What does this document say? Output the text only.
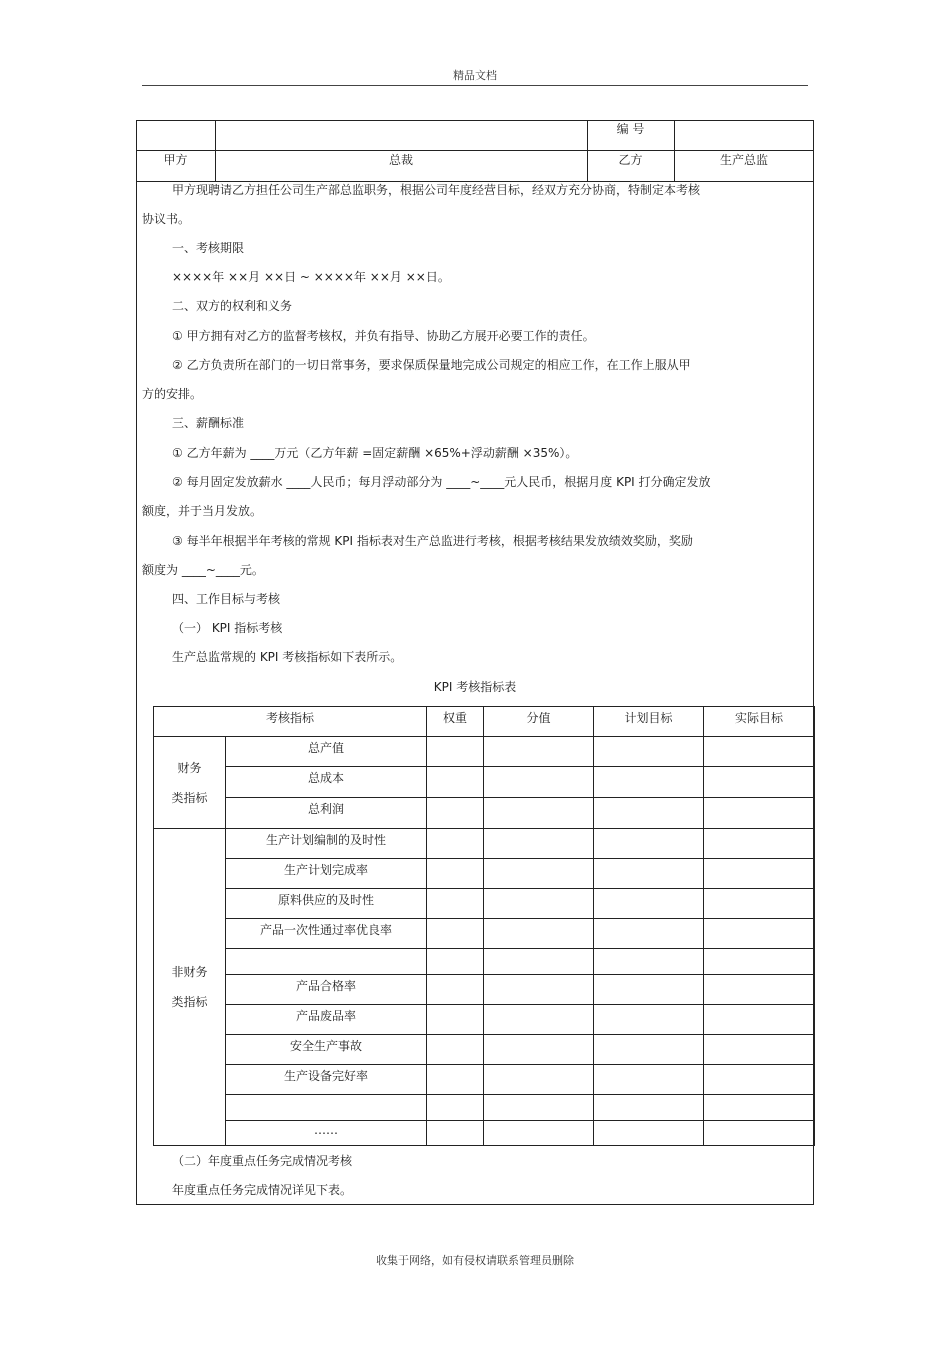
精品文档
编 号
甲方	总裁	乙方	生产总监
甲方现聘请乙方担任公司生产部总监职务，根据公司年度经营目标，经双方充分协商，特制定本考核
协议书。
一、考核期限
××××年 ××月 ××日 ~ ××××年 ××月 ××日。
二、双方的权利和义务
① 甲方拥有对乙方的监督考核权，并负有指导、协助乙方展开必要工作的责任。
② 乙方负责所在部门的一切日常事务，要求保质保量地完成公司规定的相应工作，在工作上服从甲
方的安排。
三、薪酬标准
① 乙方年薪为 ____万元（乙方年薪 =固定薪酬 ×65%+浮动薪酬 ×35%）。
② 每月固定发放薪水 ____人民币；每月浮动部分为 ____~____元人民币，根据月度 KPI 打分确定发放
额度，并于当月发放。
③ 每半年根据半年考核的常规 KPI 指标表对生产总监进行考核，根据考核结果发放绩效奖励，奖励
额度为 ____~____元。
四、工作目标与考核
（一） KPI 指标考核
生产总监常规的 KPI 考核指标如下表所示。
KPI 考核指标表
考核指标		权重	分值	计划目标	实际目标

财务
类指标	总产值				
	总成本				
	总利润				

非财务
类指标	生产计划编制的及时性				
	生产计划完成率				
	原料供应的及时性				
	产品一次性通过率优良率				

	产品合格率				
	产品废品率				
	安全生产事故				
	生产设备完好率				

	……				
（二）年度重点任务完成情况考核
年度重点任务完成情况详见下表。
收集于网络，如有侵权请联系管理员删除
